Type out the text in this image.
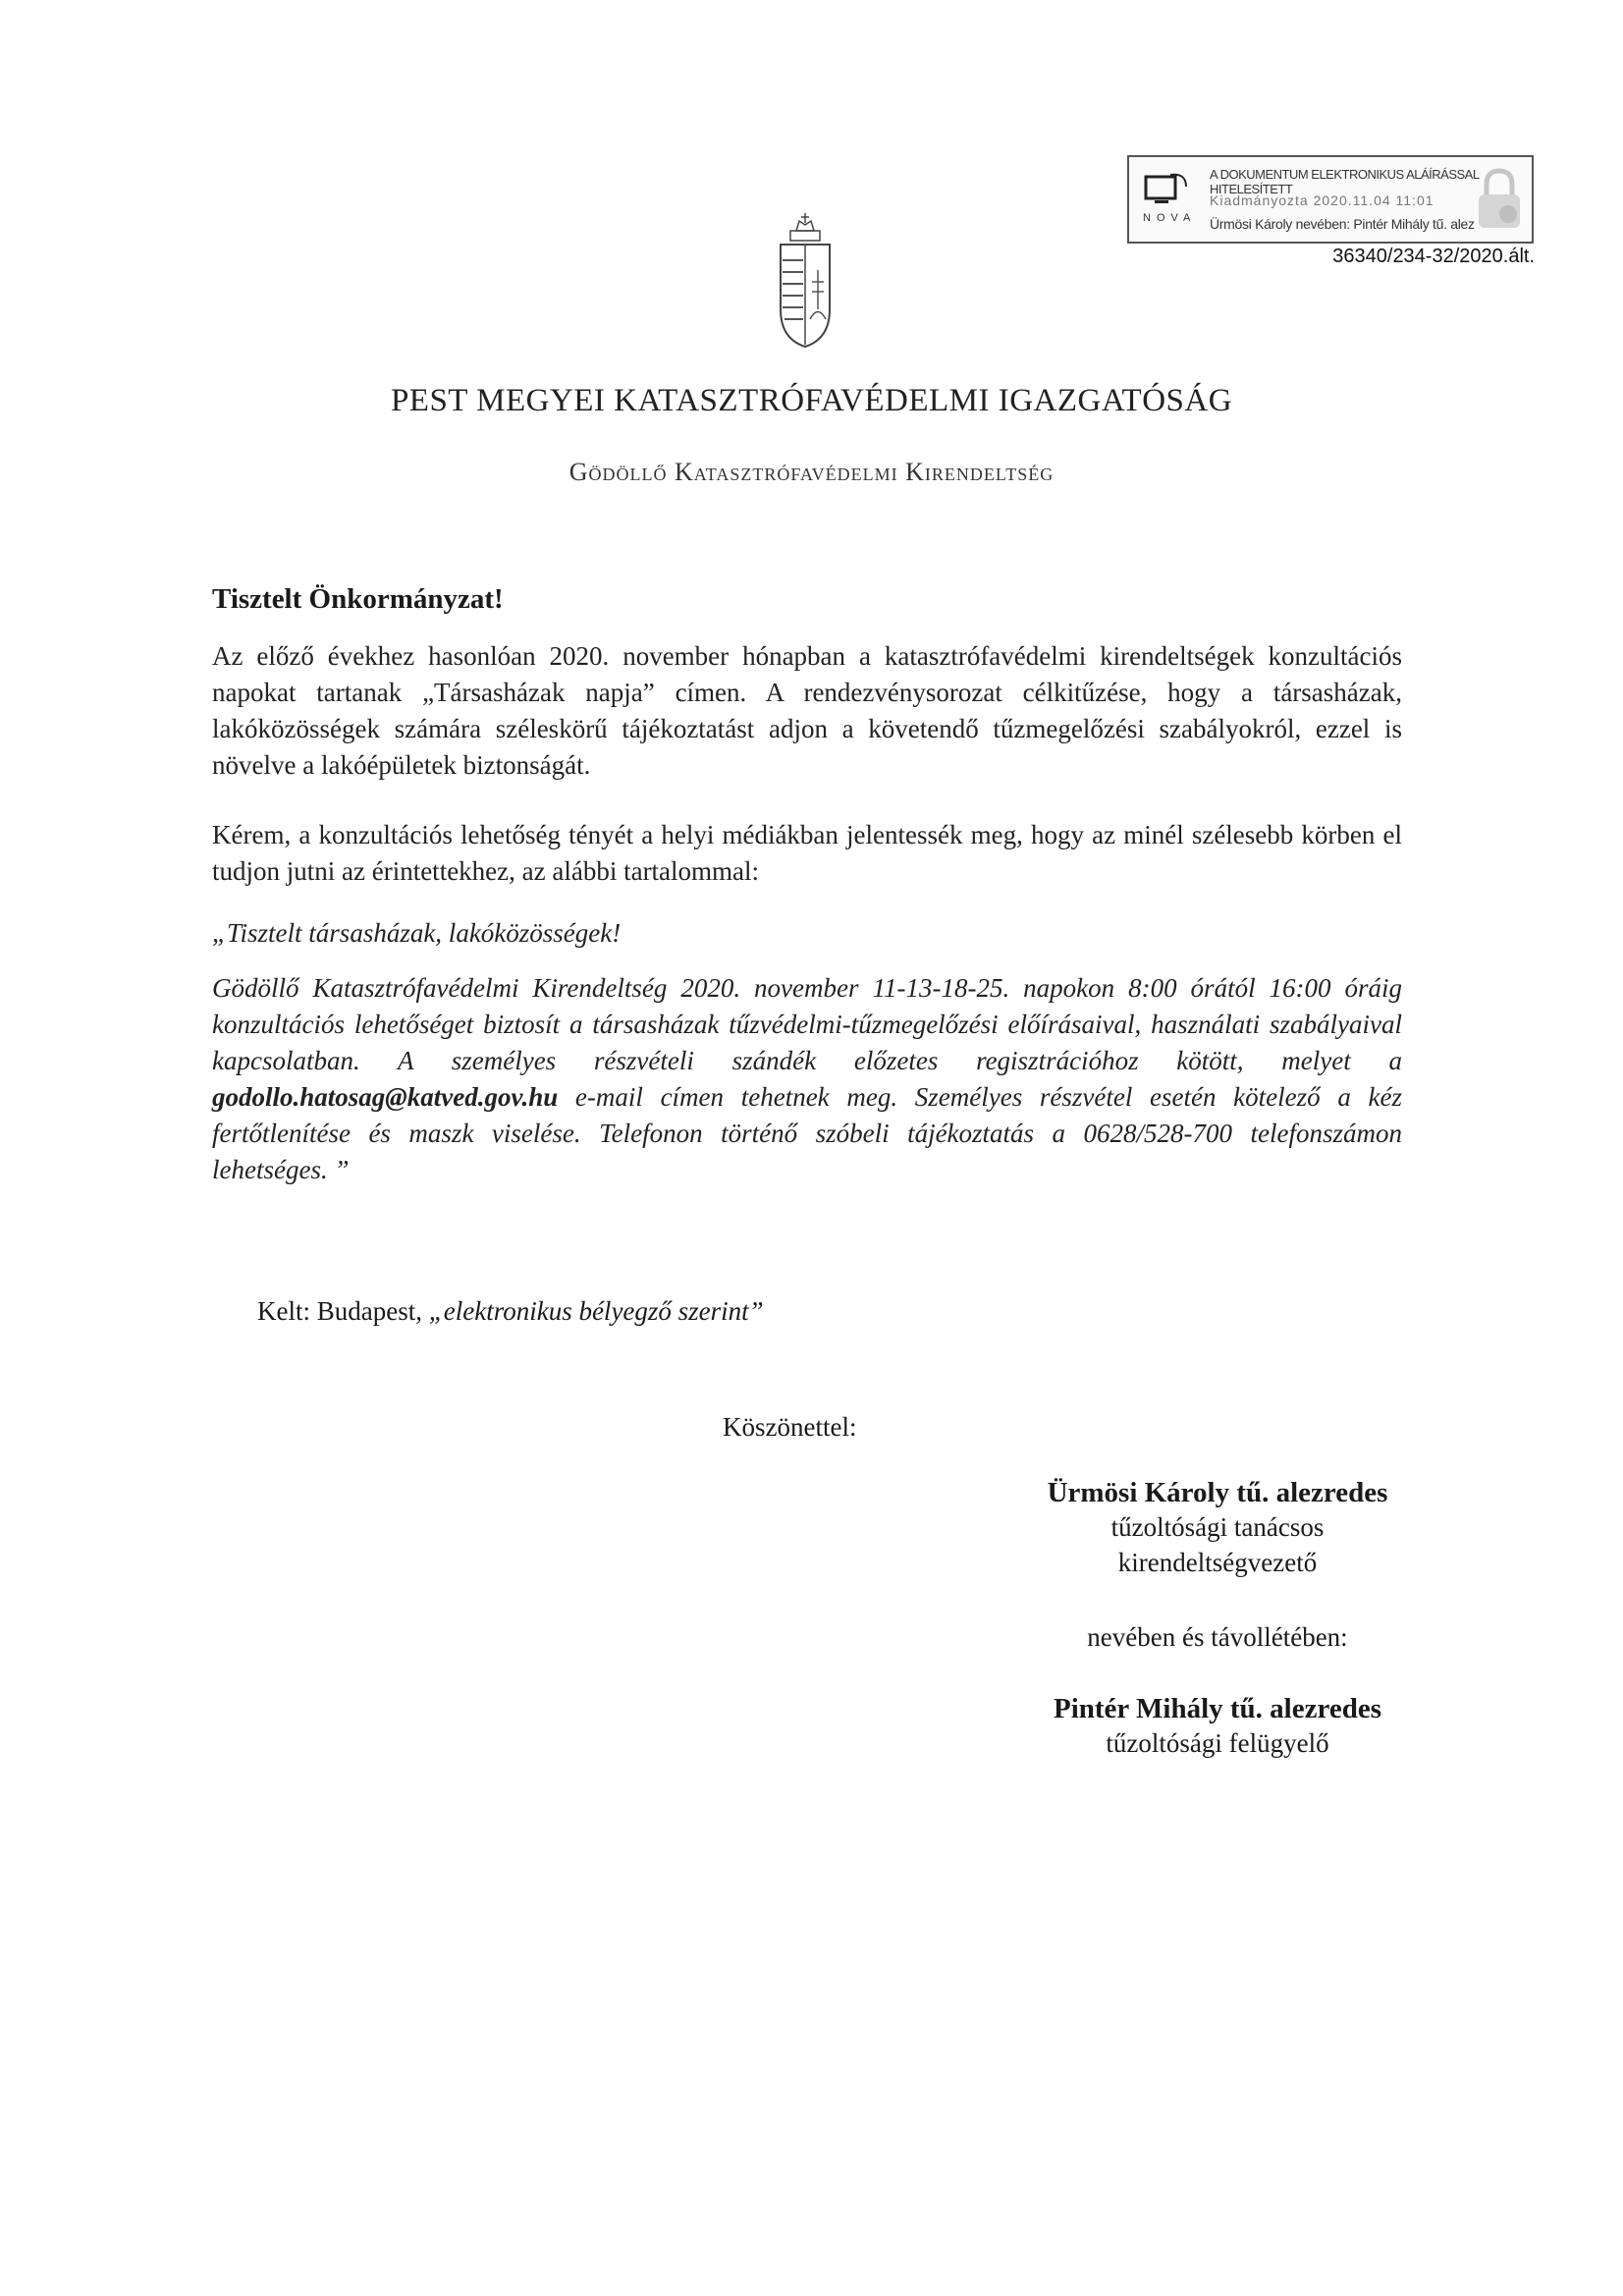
NOVA
A DOKUMENTUM ELEKTRONIKUS ALÁÍRÁSSAL HITELESÍTETT
Kiadmányozta 2020.11.04 11:01
Ürmösi Károly nevében: Pintér Mihály tű. alez
36340/234-32/2020.ált.
PEST MEGYEI KATASZTRÓFAVÉDELMI IGAZGATÓSÁG
Gödöllő Katasztrófavédelmi Kirendeltség
Tisztelt Önkormányzat!
Az előző évekhez hasonlóan 2020. november hónapban a katasztrófavédelmi kirendeltségek konzultációs napokat tartanak „Társasházak napja” címen. A rendezvénysorozat célkitűzése, hogy a társasházak, lakóközösségek számára széleskörű tájékoztatást adjon a követendő tűzmegelőzési szabályokról, ezzel is növelve a lakóépületek biztonságát.
Kérem, a konzultációs lehetőség tényét a helyi médiákban jelentessék meg, hogy az minél szélesebb körben el tudjon jutni az érintettekhez, az alábbi tartalommal:
„Tisztelt társasházak, lakóközösségek!
Gödöllő Katasztrófavédelmi Kirendeltség 2020. november 11-13-18-25. napokon 8:00 órától 16:00 óráig konzultációs lehetőséget biztosít a társasházak tűzvédelmi-tűzmegelőzési előírásaival, használati szabályaival kapcsolatban. A személyes részvételi szándék előzetes regisztrációhoz kötött, melyet a godollo.hatosag@katved.gov.hu e-mail címen tehetnek meg. Személyes részvétel esetén kötelező a kéz fertőtlenítése és maszk viselése. Telefonon történő szóbeli tájékoztatás a 0628/528-700 telefonszámon lehetséges. ”
Kelt: Budapest, „elektronikus bélyegző szerint”
Köszönettel:
Ürmösi Károly tű. alezredes
tűzoltósági tanácsos
kirendeltségvezető
nevében és távollétében:
Pintér Mihály tű. alezredes
tűzoltósági felügyelő
